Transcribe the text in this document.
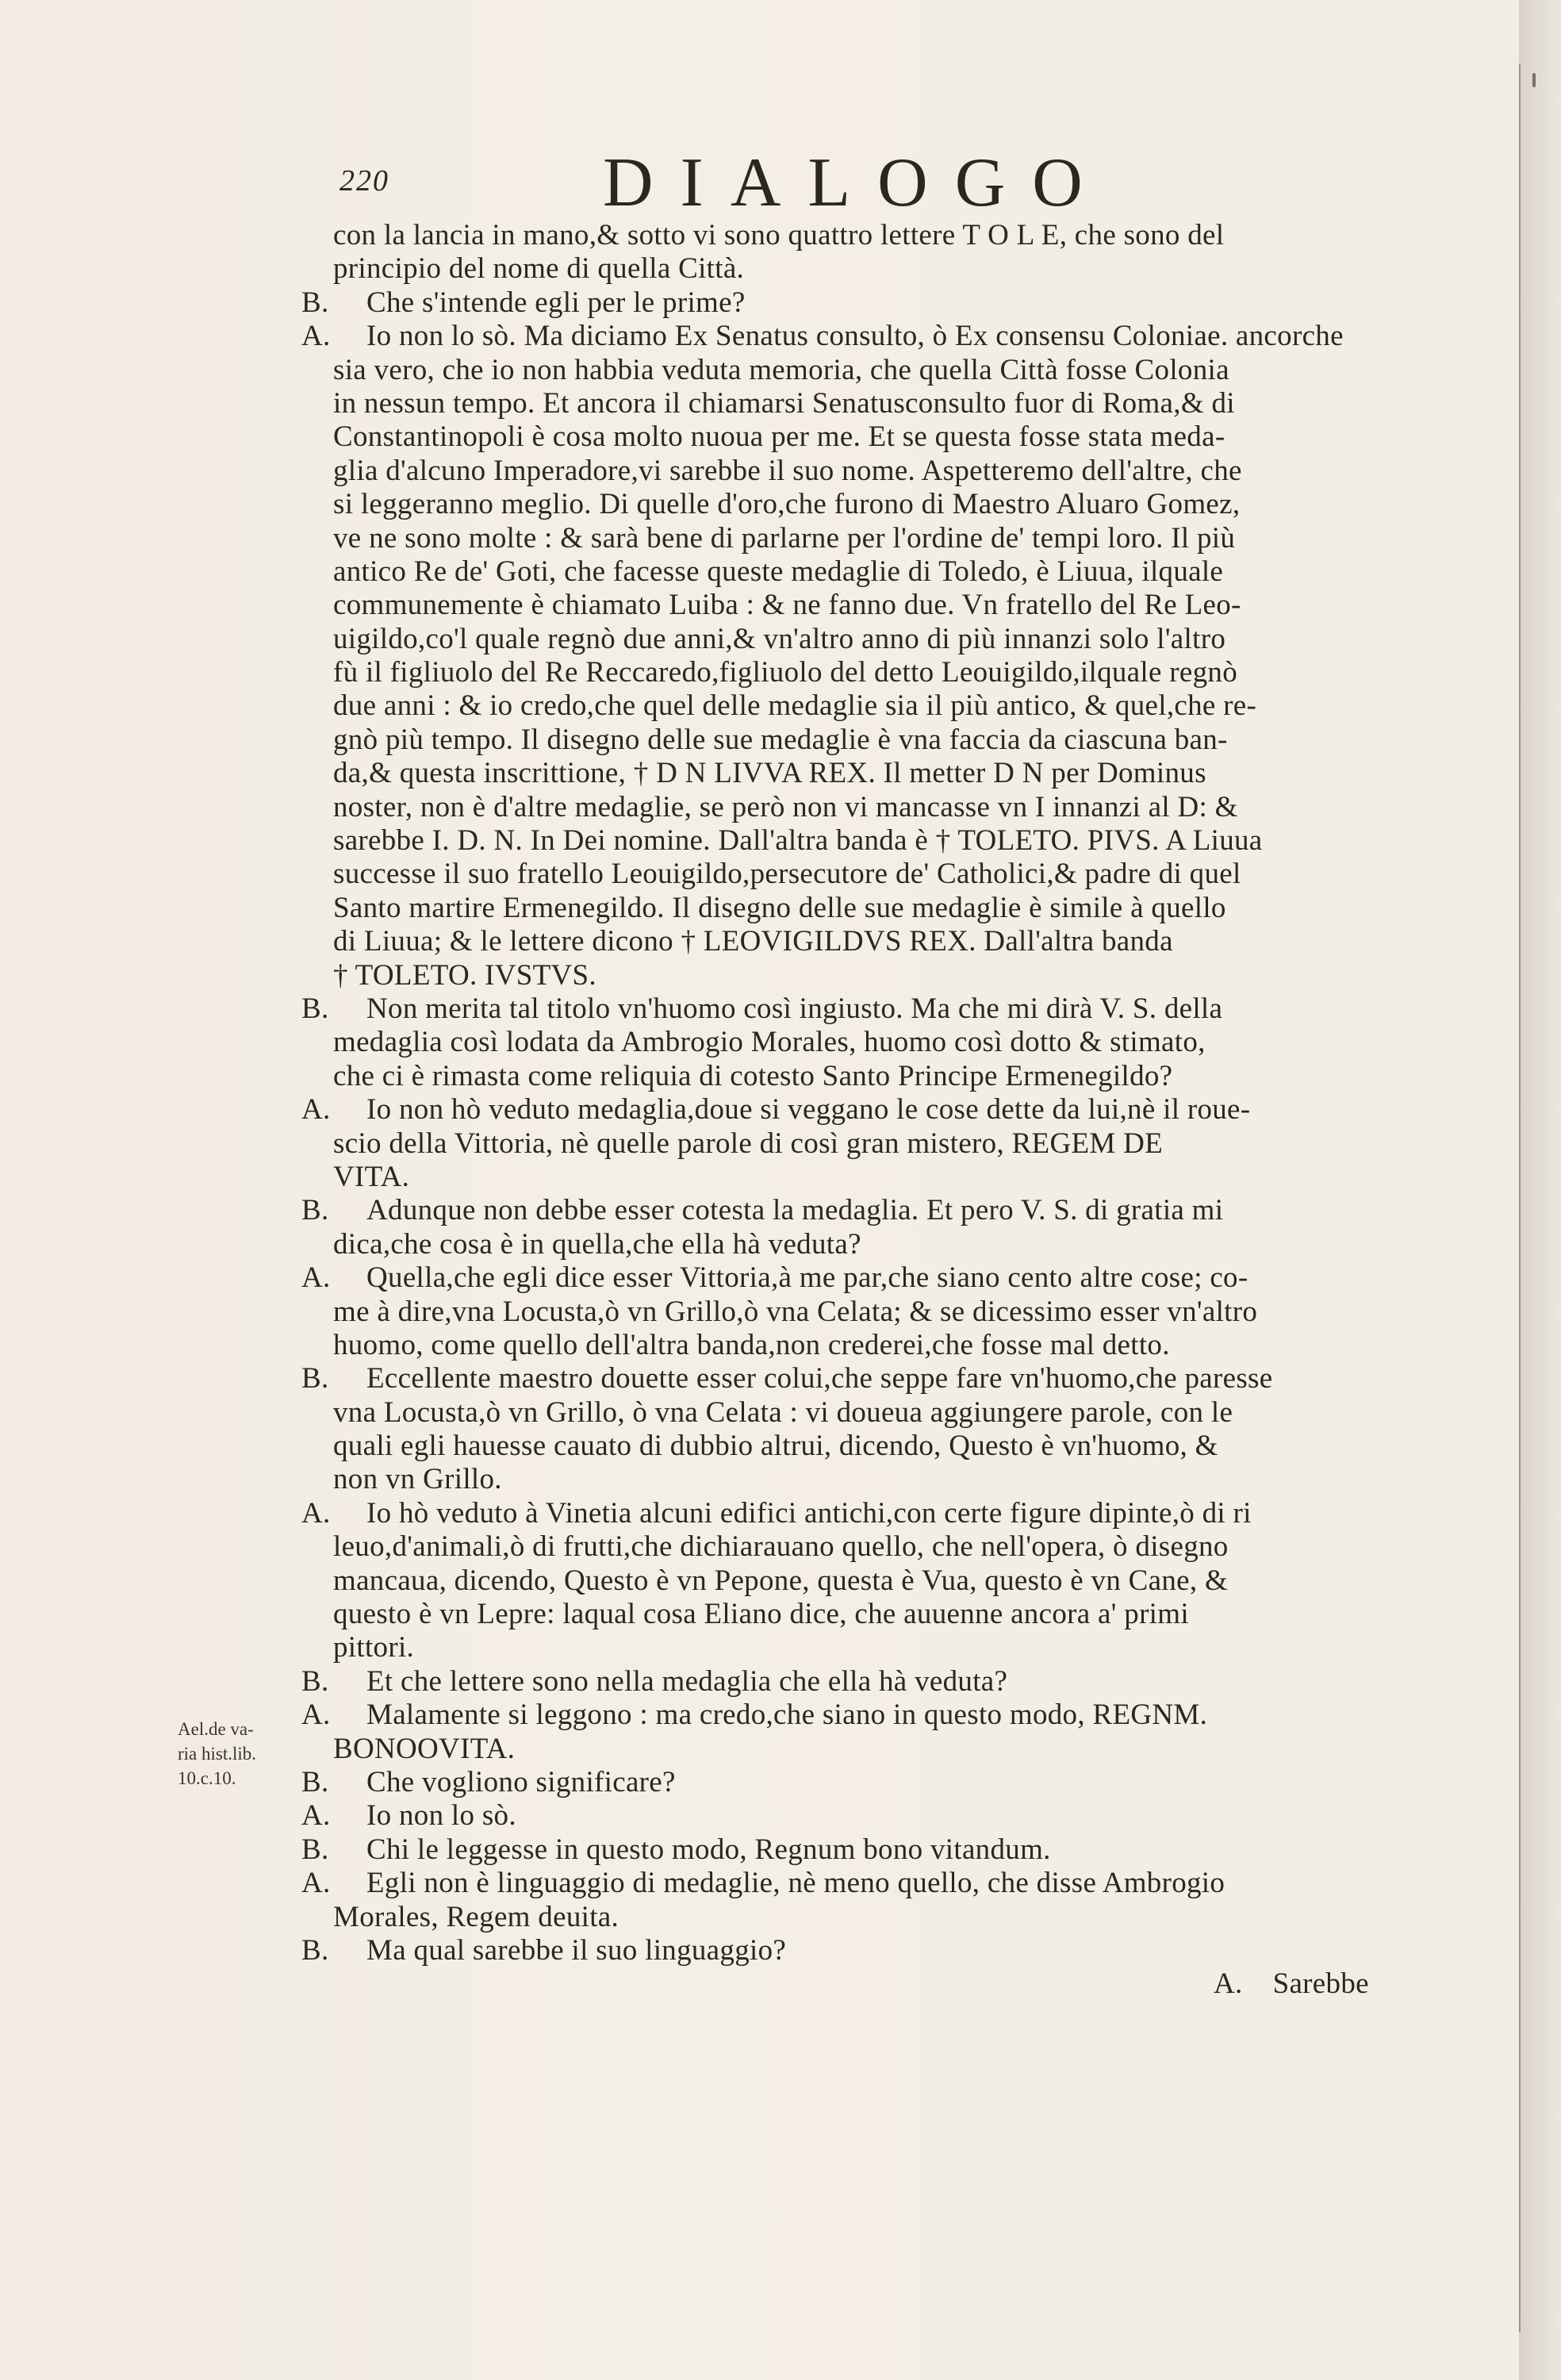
220	DIALOGO
con la lancia in mano,& sotto vi sono quattro lettere T O L E, che sono del
principio del nome di quella Città.
B.	Che s'intende egli per le prime?
A.	Io non lo sò. Ma diciamo Ex Senatus consulto, ò Ex consensu Coloniae. ancorche
sia vero, che io non habbia veduta memoria, che quella Città fosse Colonia
in nessun tempo. Et ancora il chiamarsi Senatusconsulto fuor di Roma,& di
Constantinopoli è cosa molto nuoua per me. Et se questa fosse stata meda-
glia d'alcuno Imperadore,vi sarebbe il suo nome. Aspetteremo dell'altre, che
si leggeranno meglio. Di quelle d'oro,che furono di Maestro Aluaro Gomez,
ve ne sono molte : & sarà bene di parlarne per l'ordine de' tempi loro. Il più
antico Re de' Goti, che facesse queste medaglie di Toledo, è Liuua, ilquale
communemente è chiamato Luiba : & ne fanno due. Vn fratello del Re Leo-
uigildo,co'l quale regnò due anni,& vn'altro anno di più innanzi solo l'altro
fù il figliuolo del Re Reccaredo,figliuolo del detto Leouigildo,ilquale regnò
due anni : & io credo,che quel delle medaglie sia il più antico, & quel,che re-
gnò più tempo. Il disegno delle sue medaglie è vna faccia da ciascuna ban-
da,& questa inscrittione, † D N LIVVA REX. Il metter D N per Dominus
noster, non è d'altre medaglie, se però non vi mancasse vn I innanzi al D: &
sarebbe I. D. N. In Dei nomine. Dall'altra banda è † TOLETO. PIVS. A Liuua
successe il suo fratello Leouigildo,persecutore de' Catholici,& padre di quel
Santo martire Ermenegildo. Il disegno delle sue medaglie è simile à quello
di Liuua; & le lettere dicono † LEOVIGILDVS REX. Dall'altra banda
† TOLETO. IVSTVS.
B.	Non merita tal titolo vn'huomo così ingiusto. Ma che mi dirà V. S. della
medaglia così lodata da Ambrogio Morales, huomo così dotto & stimato,
che ci è rimasta come reliquia di cotesto Santo Principe Ermenegildo?
A.	Io non hò veduto medaglia,doue si veggano le cose dette da lui,nè il roue-
scio della Vittoria, nè quelle parole di così gran mistero, REGEM DE
VITA.
B.	Adunque non debbe esser cotesta la medaglia. Et pero V. S. di gratia mi
dica,che cosa è in quella,che ella hà veduta?
A.	Quella,che egli dice esser Vittoria,à me par,che siano cento altre cose; co-
me à dire,vna Locusta,ò vn Grillo,ò vna Celata; & se dicessimo esser vn'altro
huomo, come quello dell'altra banda,non crederei,che fosse mal detto.
B.	Eccellente maestro douette esser colui,che seppe fare vn'huomo,che paresse
vna Locusta,ò vn Grillo, ò vna Celata : vi doueua aggiungere parole, con le
quali egli hauesse cauato di dubbio altrui, dicendo, Questo è vn'huomo, &
non vn Grillo.
A.	Io hò veduto à Vinetia alcuni edifici antichi,con certe figure dipinte,ò di ri
leuo,d'animali,ò di frutti,che dichiarauano quello, che nell'opera, ò disegno
mancaua, dicendo, Questo è vn Pepone, questa è Vua, questo è vn Cane, &
questo è vn Lepre: laqual cosa Eliano dice, che auuenne ancora a' primi
pittori.
B.	Et che lettere sono nella medaglia che ella hà veduta?
A.	Malamente si leggono : ma credo,che siano in questo modo, REGNM.
BONOOVITA.
B.	Che vogliono significare?
A.	Io non lo sò.
B.	Chi le leggesse in questo modo, Regnum bono vitandum.
A.	Egli non è linguaggio di medaglie, nè meno quello, che disse Ambrogio
Morales, Regem deuita.
B.	Ma qual sarebbe il suo linguaggio?
A. Sarebbe
Ael.de va-
ria hist.lib.
10.c.10.
